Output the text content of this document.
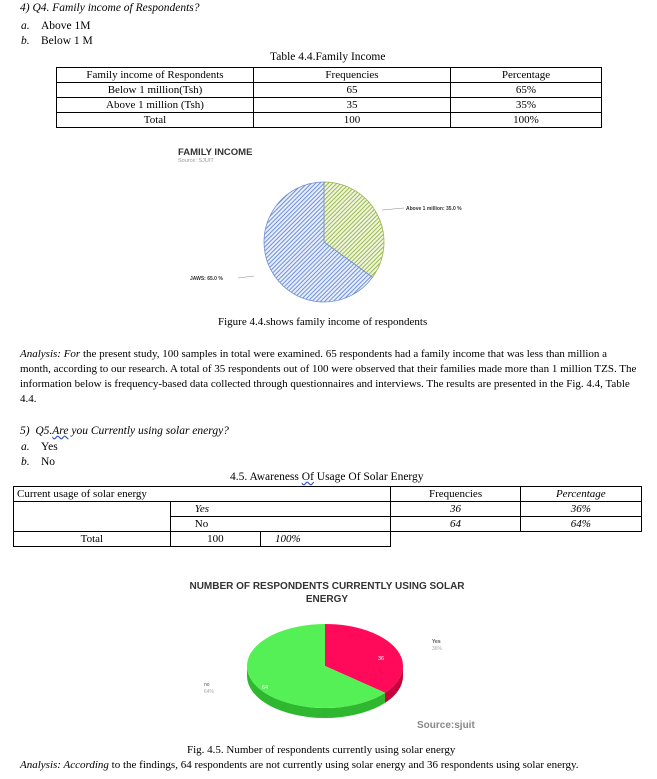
4) Q4. Family income of Respondents?
a. Above 1M
b. Below 1 M
Table 4.4.Family Income
Family income of Respondents	Frequencies	Percentage
Below 1 million(Tsh)	65	65%
Above 1 million (Tsh)	35	35%
Total	100	100%
FAMILY INCOME
Source: SJUIT
Above 1 million: 35.0 %
JAWS: 65.0 %
Figure 4.4.shows family income of respondents
Analysis: For the present study, 100 samples in total were examined. 65 respondents had a family income that was less than million a month, according to our research. A total of 35 respondents out of 100 were observed that their families made more than 1 million TZS. The information below is frequency-based data collected through questionnaires and interviews. The results are presented in the Fig. 4.4, Table 4.4.
5) Q5.Are you Currently using solar energy?
a. Yes
b. No
4.5. Awareness Of Usage Of Solar Energy
Current usage of solar energy			Frequencies	Percentage
	Yes		36	36%
	No		64	64%
Total	100	100%		
NUMBER OF RESPONDENTS CURRENTLY USING SOLAR
ENERGY
Yes
36%
36
no
64%
64
Source:sjuit
Fig. 4.5. Number of respondents currently using solar energy
Analysis: According to the findings, 64 respondents are not currently using solar energy and 36 respondents using solar energy.
